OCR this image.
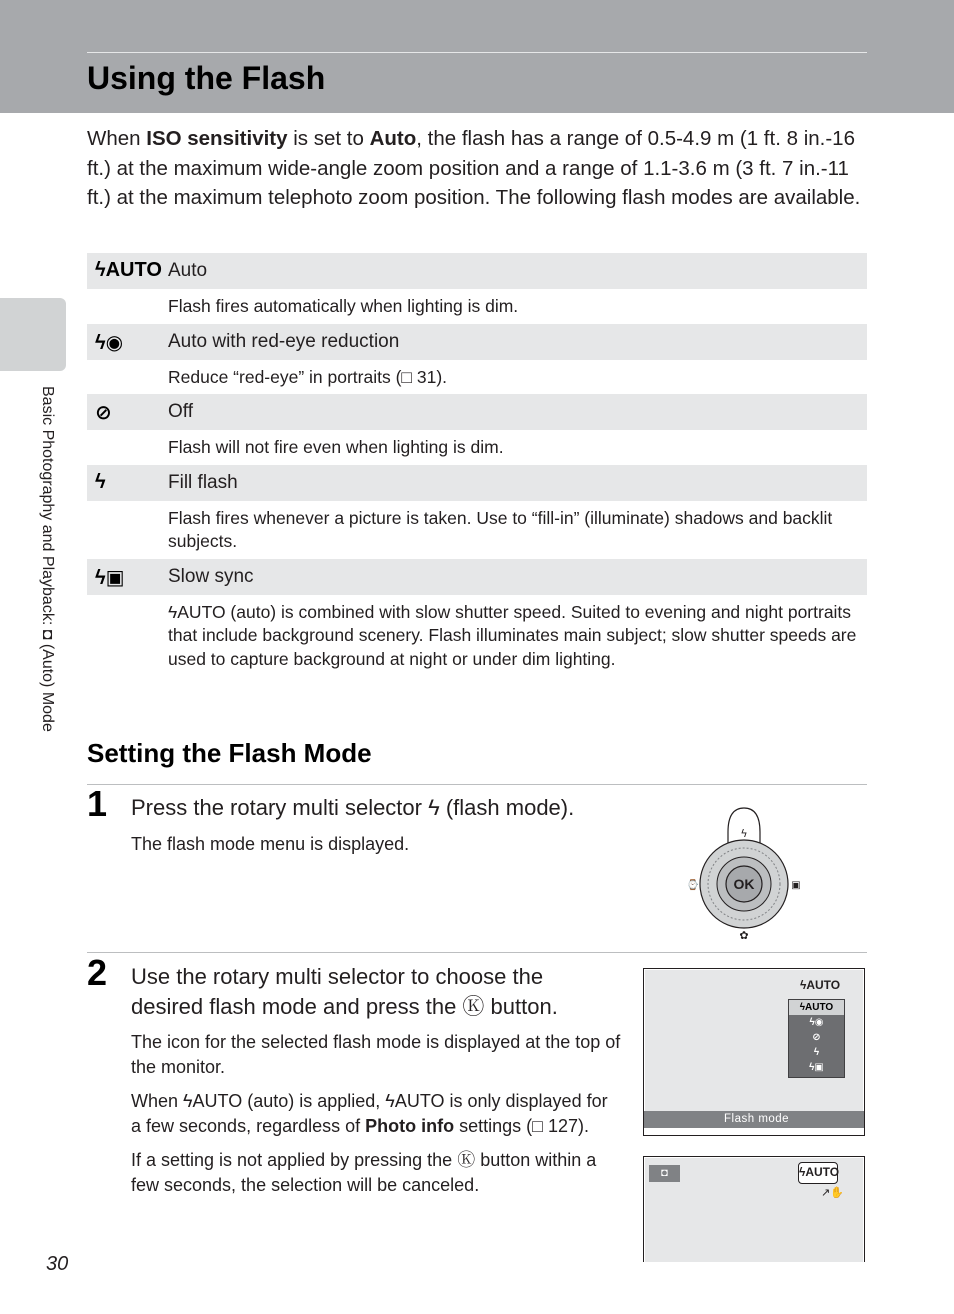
Using the Flash
Basic Photography and Playback: ◘ (Auto) Mode

When ISO sensitivity is set to Auto, the flash has a range of 0.5-4.9 m (1 ft. 8 in.-16 ft.) at the maximum wide-angle zoom position and a range of 1.1-3.6 m (3 ft. 7 in.-11 ft.) at the maximum telephoto zoom position. The following flash modes are available.

ϟAUTO Auto
Flash fires automatically when lighting is dim.
ϟ◉ Auto with red-eye reduction
Reduce “red-eye” in portraits (□ 31).
⊘	Off
Flash will not fire even when lighting is dim.
ϟ	Fill flash
Flash fires whenever a picture is taken. Use to “fill-in” (illuminate) shadows and backlit subjects.
ϟ▣ Slow sync
ϟAUTO (auto) is combined with slow shutter speed. Suited to evening and night portraits that include background scenery. Flash illuminates main subject; slow shutter speeds are used to capture background at night or under dim lighting.
Setting the Flash Mode
1 Press the rotary multi selector ϟ (flash mode).
The flash mode menu is displayed.
OK
ϟ
⌚	▣
✿
2 Use the rotary multi selector to choose the desired flash mode and press the Ⓚ button.
The icon for the selected flash mode is displayed at the top of the monitor.
When ϟAUTO (auto) is applied, ϟAUTO is only displayed for a few seconds, regardless of Photo info settings (□ 127).
If a setting is not applied by pressing the Ⓚ button within a few seconds, the selection will be canceled.
ϟAUTO
ϟAUTO
ϟ◉
⊘
ϟ
ϟ▣
Flash mode
◘	ϟAUTO
↗✋
30
